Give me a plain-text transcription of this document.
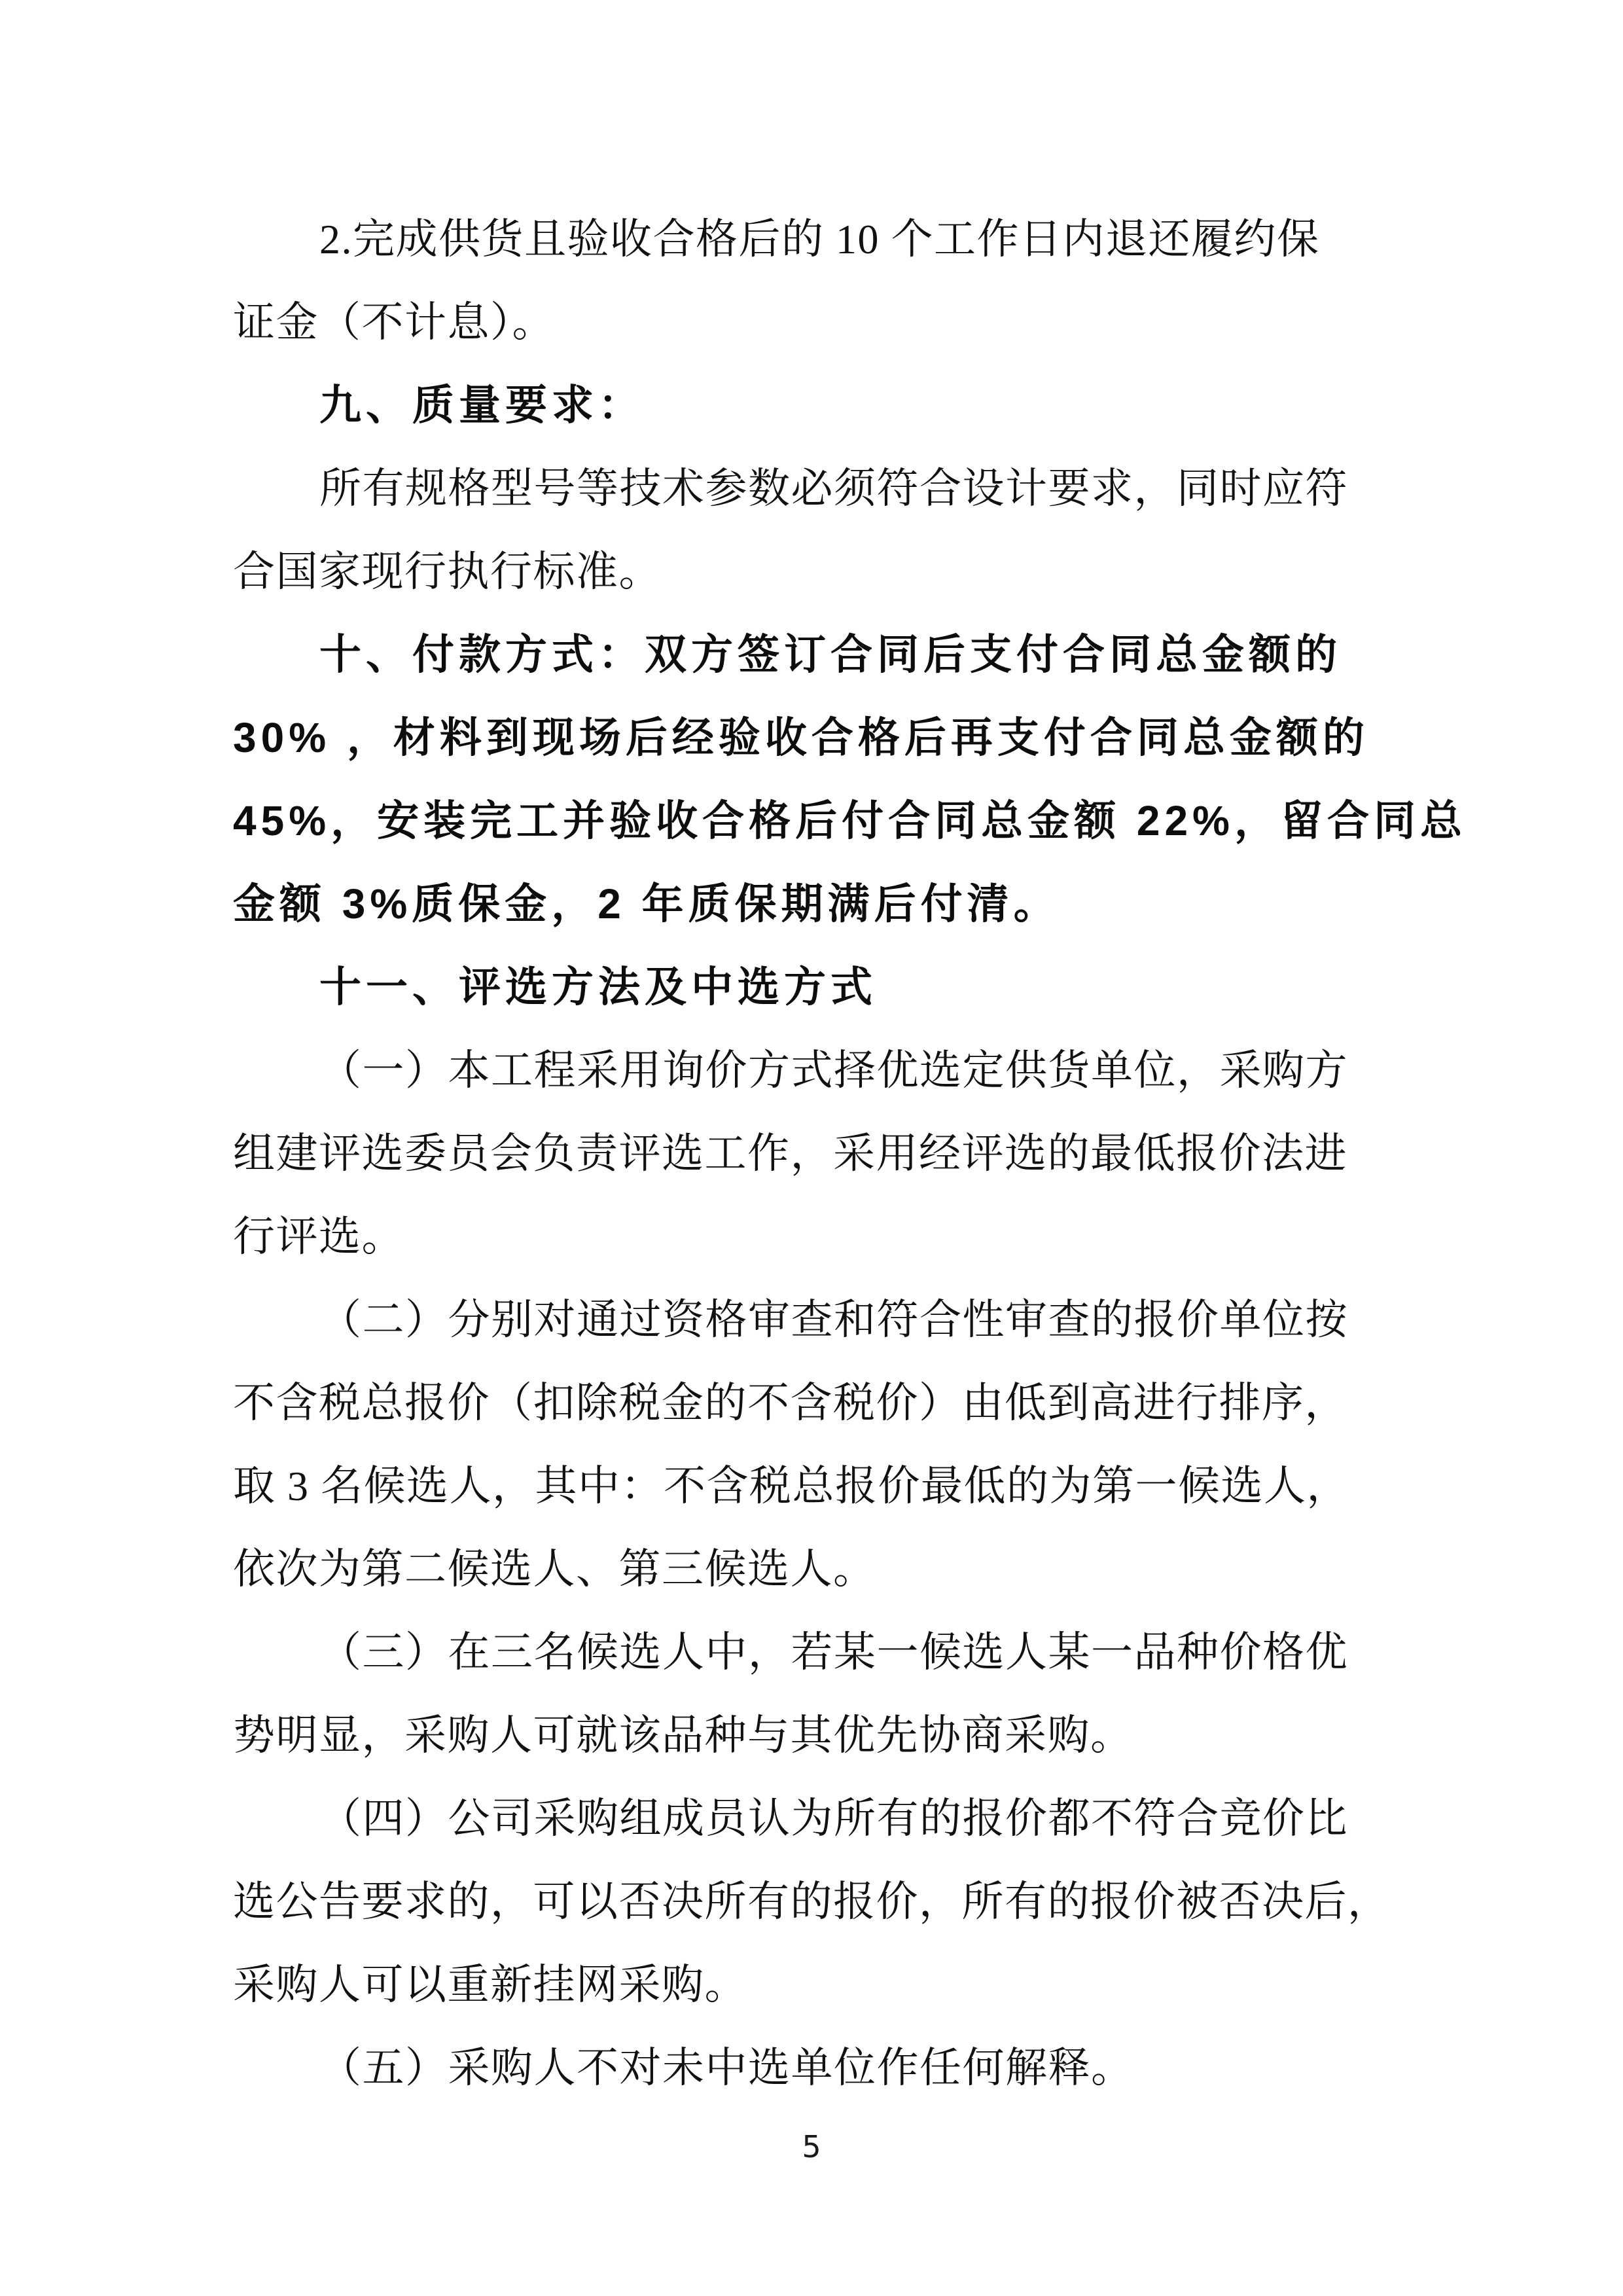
2.完成供货且验收合格后的 10 个工作日内退还履约保
证金（不计息）。
九、质量要求：
所有规格型号等技术参数必须符合设计要求，同时应符
合国家现行执行标准。
十、付款方式：双方签订合同后支付合同总金额的
30% ，材料到现场后经验收合格后再支付合同总金额的
45%，安装完工并验收合格后付合同总金额 22%，留合同总
金额 3%质保金，2 年质保期满后付清。
十一、评选方法及中选方式
（一）本工程采用询价方式择优选定供货单位，采购方
组建评选委员会负责评选工作，采用经评选的最低报价法进
行评选。
（二）分别对通过资格审查和符合性审查的报价单位按
不含税总报价（扣除税金的不含税价）由低到高进行排序，
取 3 名候选人，其中：不含税总报价最低的为第一候选人，
依次为第二候选人、第三候选人。
（三）在三名候选人中，若某一候选人某一品种价格优
势明显，采购人可就该品种与其优先协商采购。
（四）公司采购组成员认为所有的报价都不符合竞价比
选公告要求的，可以否决所有的报价，所有的报价被否决后，
采购人可以重新挂网采购。
（五）采购人不对未中选单位作任何解释。
5
